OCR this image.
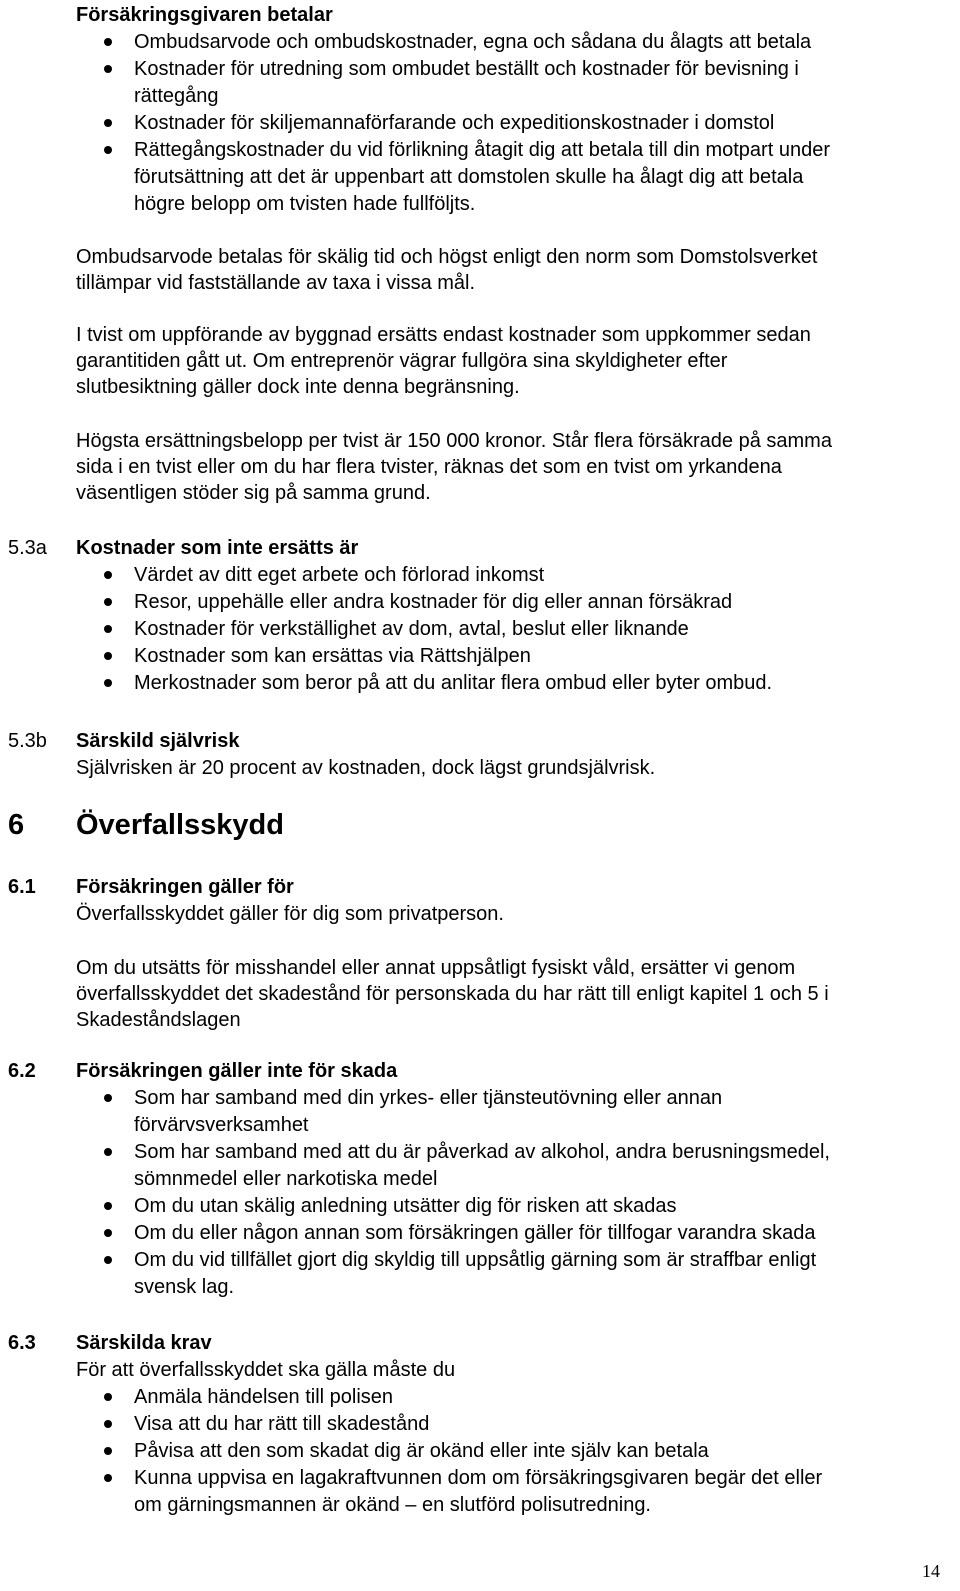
Försäkringsgivaren betalar
Ombudsarvode och ombudskostnader, egna och sådana du ålagts att betala
Kostnader för utredning som ombudet beställt och kostnader för bevisning i
rättegång
Kostnader för skiljemannaförfarande och expeditionskostnader i domstol
Rättegångskostnader du vid förlikning åtagit dig att betala till din motpart under
förutsättning att det är uppenbart att domstolen skulle ha ålagt dig att betala
högre belopp om tvisten hade fullföljts.
Ombudsarvode betalas för skälig tid och högst enligt den norm som Domstolsverket
tillämpar vid fastställande av taxa i vissa mål.
I tvist om uppförande av byggnad ersätts endast kostnader som uppkommer sedan
garantitiden gått ut. Om entreprenör vägrar fullgöra sina skyldigheter efter
slutbesiktning gäller dock inte denna begränsning.
Högsta ersättningsbelopp per tvist är 150 000 kronor. Står flera försäkrade på samma
sida i en tvist eller om du har flera tvister, räknas det som en tvist om yrkandena
väsentligen stöder sig på samma grund.
5.3a Kostnader som inte ersätts är
Värdet av ditt eget arbete och förlorad inkomst
Resor, uppehälle eller andra kostnader för dig eller annan försäkrad
Kostnader för verkställighet av dom, avtal, beslut eller liknande
Kostnader som kan ersättas via Rättshjälpen
Merkostnader som beror på att du anlitar flera ombud eller byter ombud.
5.3b Särskild självrisk
Självrisken är 20 procent av kostnaden, dock lägst grundsjälvrisk.
6 Överfallsskydd
6.1 Försäkringen gäller för
Överfallsskyddet gäller för dig som privatperson.
Om du utsätts för misshandel eller annat uppsåtligt fysiskt våld, ersätter vi genom
överfallsskyddet det skadestånd för personskada du har rätt till enligt kapitel 1 och 5 i
Skadeståndslagen
6.2 Försäkringen gäller inte för skada
Som har samband med din yrkes- eller tjänsteutövning eller annan
förvärvsverksamhet
Som har samband med att du är påverkad av alkohol, andra berusningsmedel,
sömnmedel eller narkotiska medel
Om du utan skälig anledning utsätter dig för risken att skadas
Om du eller någon annan som försäkringen gäller för tillfogar varandra skada
Om du vid tillfället gjort dig skyldig till uppsåtlig gärning som är straffbar enligt
svensk lag.
6.3 Särskilda krav
För att överfallsskyddet ska gälla måste du
Anmäla händelsen till polisen
Visa att du har rätt till skadestånd
Påvisa att den som skadat dig är okänd eller inte själv kan betala
Kunna uppvisa en lagakraftvunnen dom om försäkringsgivaren begär det eller
om gärningsmannen är okänd – en slutförd polisutredning.
14
